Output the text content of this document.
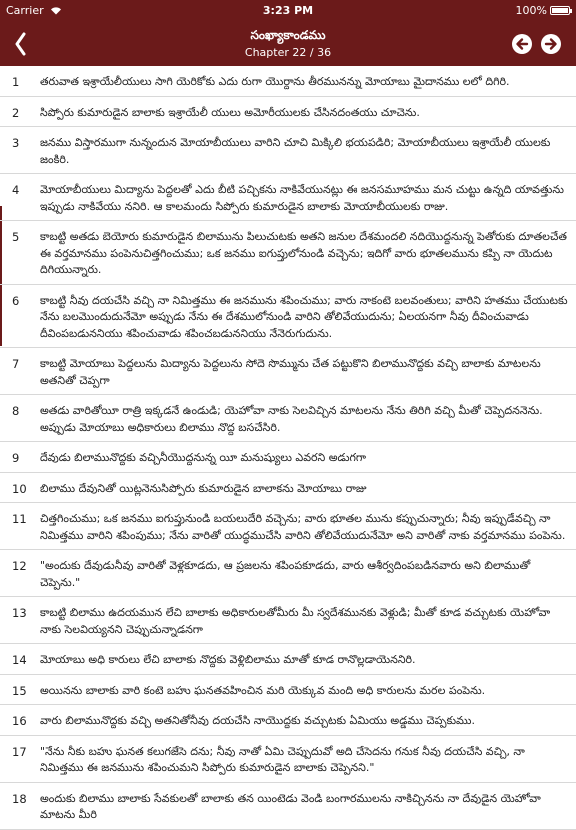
Carrier	3:23 PM	100%
సంఖ్యాకాండము
Chapter 22 / 36
1	తరువాత ఇశ్రాయేలీయులు సాగి యెరికోకు ఎదు రుగా యొర్దాను తీరమునన్ను మోయాబు మైదానము లలో దిగిరి.
2	సిప్పోరు కుమారుడైన బాలాకు ఇశ్రాయేలీ యులు అమోరీయులకు చేసినదంతయు చూచెను.
3	జనము విస్తారముగా నున్నందున మోయాబీయులు వారిని చూచి మిక్కిలి భయపడిరి; మోయాబీయులు ఇశ్రాయేలీ యులకు జంకిరి.
4	మోయాబీయులు మిద్యాను పెద్దలతో ఎదు బీటి పచ్చికను నాకివేయునట్లు ఈ జనసమూహము మన చుట్టు ఉన్నది యావత్తును ఇప్పుడు నాకివేయు ననిరి. ఆ కాలమందు సిప్పోరు కుమారుడైన బాలాకు మోయాబీయులకు రాజు.
5	కాబట్టి అతడు బెయోరు కుమారుడైన బిలామును పిలుచుటకు అతని జనుల దేశమందలి నదియొద్దనున్న పెతోరుకు దూతలచేత ఈ వర్తమానము పంపెనుచిత్తగించుము; ఒక జనము ఐగుప్తులోనుండి వచ్చెను; ఇదిగో వారు భూతలమును కప్పి నా యెదుట దిగియున్నారు.
6	కాబట్టి నీవు దయచేసి వచ్చి నా నిమిత్తము ఈ జనమును శపించుము; వారు నాకంటె బలవంతులు; వారిని హతము చేయుటకు నేను బలమొందుదునేమో అప్పుడు నేను ఈ దేశములోనుండి వారిని తోలివేయుదును; ఏలయనగా నీవు దీవించువాడు దీవింపబడుననియు శపించువాడు శపించబడుననియు నేనెరుగుదును.
7	కాబట్టి మోయాబు పెద్దలును మిద్యాను పెద్దలును సోదె సొమ్మును చేత పట్టుకొని బిలామునొద్దకు వచ్చి బాలాకు మాటలను అతనితో చెప్పగా
8	అతడు వారితోయీ రాత్రి ఇక్కడనే ఉండుడి; యెహోవా నాకు సెలవిచ్చిన మాటలను నేను తిరిగి వచ్చి మీతో చెప్పెదననెను. అప్పుడు మోయాబు అధికారులు బిలాము నొద్ద బసచేసిరి.
9	దేవుడు బిలామునొద్దకు వచ్చినీయొద్దనున్న యీ మనుష్యులు ఎవరని అడుగగా
10	బిలాము దేవునితో యిట్లనెనుసిప్పోరు కుమారుడైన బాలాకను మోయాబు రాజు
11	చిత్తగించుము; ఒక జనము ఐగుప్తునుండి బయలుదేరి వచ్చెను; వారు భూతల మును కప్పుచున్నారు; నీవు ఇప్పుడేవచ్చి నా నిమిత్తము వారిని శపింపుము; నేను వారితో యుద్ధముచేసి వారిని తోలివేయుదునేమో అని వారితో నాకు వర్తమానము పంపెను.
12	"అందుకు దేవుడునీవు వారితో వెళ్లకూడదు, ఆ ప్రజలను శపింపకూడదు, వారు ఆశీర్వదింపబడినవారు అని బిలాముతో చెప్పెను."
13	కాబట్టి బిలాము ఉదయమున లేచి బాలాకు అధికారులతోమీరు మీ స్వదేశమునకు వెళ్లుడి; మీతో కూడ వచ్చుటకు యెహోవా నాకు సెలవియ్యనని చెప్పుచున్నాడనగా
14	మోయాబు అధి కారులు లేచి బాలాకు నొద్దకు వెళ్లిబిలాము మాతో కూడ రానొల్లడాయెననిరి.
15	అయినను బాలాకు వారి కంటె బహు ఘనతవహించిన మరి యెక్కువ మంది అధి కారులను మరల పంపెను.
16	వారు బిలామునొద్దకు వచ్చి అతనితోనీవు దయచేసి నాయొద్దకు వచ్చుటకు ఏమియు అడ్డము చెప్పకుము.
17	"నేను నీకు బహు ఘనత కలుగజేసె దను; నీవు నాతో ఏమి చెప్పుదువో అది చేసెదను గనుక నీవు దయచేసి వచ్చి, నా నిమిత్తము ఈ జనమును శపించుమని సిప్పోరు కుమారుడైన బాలాకు చెప్పెనని."
18	అందుకు బిలాము బాలాకు సేవకులతో బాలాకు తన యింటెడు వెండి బంగారములను నాకిచ్చినను నా దేవుడైన యెహోవా మాటను మీరి
